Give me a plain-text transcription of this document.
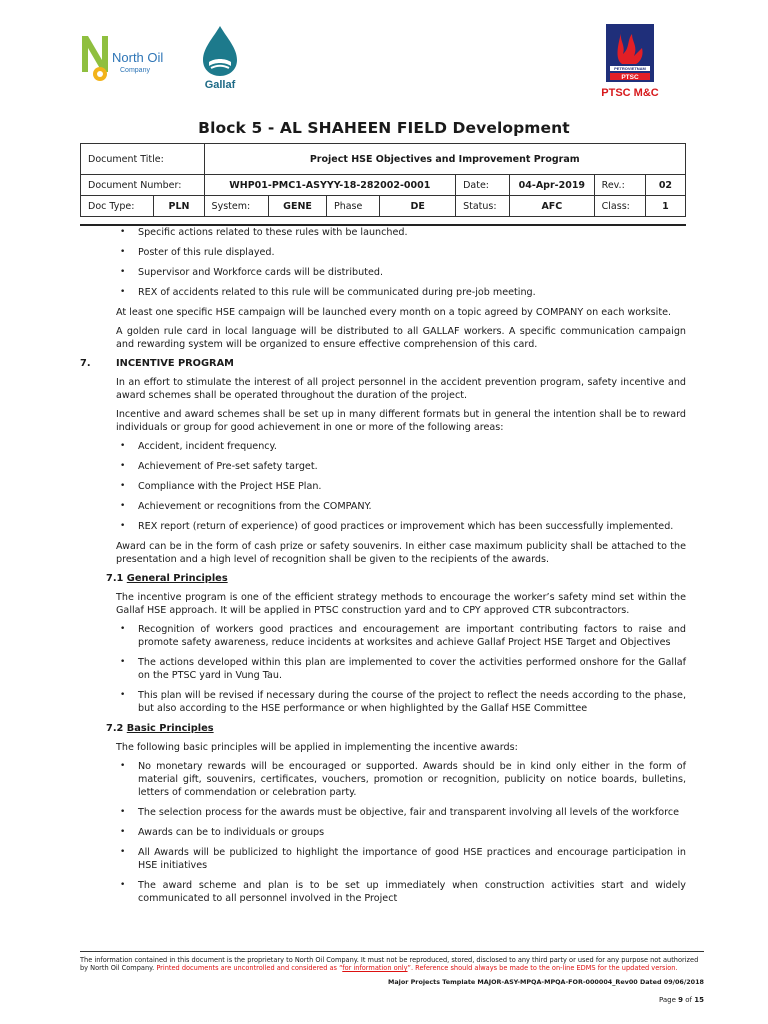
North Oil
Company
Gallaf
PETROVIETNAM
PTSC
PTSC M&C
Block 5 - AL SHAHEEN FIELD Development
Document Title:		Project HSE Objectives and Improvement Program							
Document Number:		WHP01-PMC1-ASYYY-18-282002-0001				Date:	04-Apr-2019	Rev.:	02
Doc Type:	PLN	System:	GENE	Phase	DE	Status:	AFC	Class:	1
• Specific actions related to these rules with be launched.
• Poster of this rule displayed.
• Supervisor and Workforce cards will be distributed.
• REX of accidents related to this rule will be communicated during pre-job meeting.

At least one specific HSE campaign will be launched every month on a topic agreed by COMPANY on each worksite.

A golden rule card in local language will be distributed to all GALLAF workers. A specific communication campaign and rewarding system will be organized to ensure effective comprehension of this card.

7.	INCENTIVE PROGRAM

In an effort to stimulate the interest of all project personnel in the accident prevention program, safety incentive and award schemes shall be operated throughout the duration of the project.

Incentive and award schemes shall be set up in many different formats but in general the intention shall be to reward individuals or group for good achievement in one or more of the following areas:

• Accident, incident frequency.
• Achievement of Pre-set safety target.
• Compliance with the Project HSE Plan.
• Achievement or recognitions from the COMPANY.
• REX report (return of experience) of good practices or improvement which has been successfully implemented.

Award can be in the form of cash prize or safety souvenirs. In either case maximum publicity shall be attached to the presentation and a high level of recognition shall be given to the recipients of the awards.

7.1 General Principles

The incentive program is one of the efficient strategy methods to encourage the worker’s safety mind set within the Gallaf HSE approach. It will be applied in PTSC construction yard and to CPY approved CTR subcontractors.

• Recognition of workers good practices and encouragement are important contributing factors to raise and promote safety awareness, reduce incidents at worksites and achieve Gallaf Project HSE Target and Objectives
• The actions developed within this plan are implemented to cover the activities performed onshore for the Gallaf on the PTSC yard in Vung Tau.
• This plan will be revised if necessary during the course of the project to reflect the needs according to the phase, but also according to the HSE performance or when highlighted by the Gallaf HSE Committee
7.2 Basic Principles

The following basic principles will be applied in implementing the incentive awards:

• No monetary rewards will be encouraged or supported. Awards should be in kind only either in the form of material gift, souvenirs, certificates, vouchers, promotion or recognition, publicity on notice boards, bulletins, letters of commendation or celebration party.
• The selection process for the awards must be objective, fair and transparent involving all levels of the workforce
• Awards can be to individuals or groups
• All Awards will be publicized to highlight the importance of good HSE practices and encourage participation in HSE initiatives
• The award scheme and plan is to be set up immediately when construction activities start and widely communicated to all personnel involved in the Project
The information contained in this document is the proprietary to North Oil Company. It must not be reproduced, stored, disclosed to any third party or used for any purpose not authorized by North Oil Company. Printed documents are uncontrolled and considered as “for information only”. Reference should always be made to the on-line EDMS for the updated version.
Major Projects Template MAJOR-ASY-MPQA-MPQA-FOR-000004_Rev00 Dated 09/06/2018
Page 9 of 15
